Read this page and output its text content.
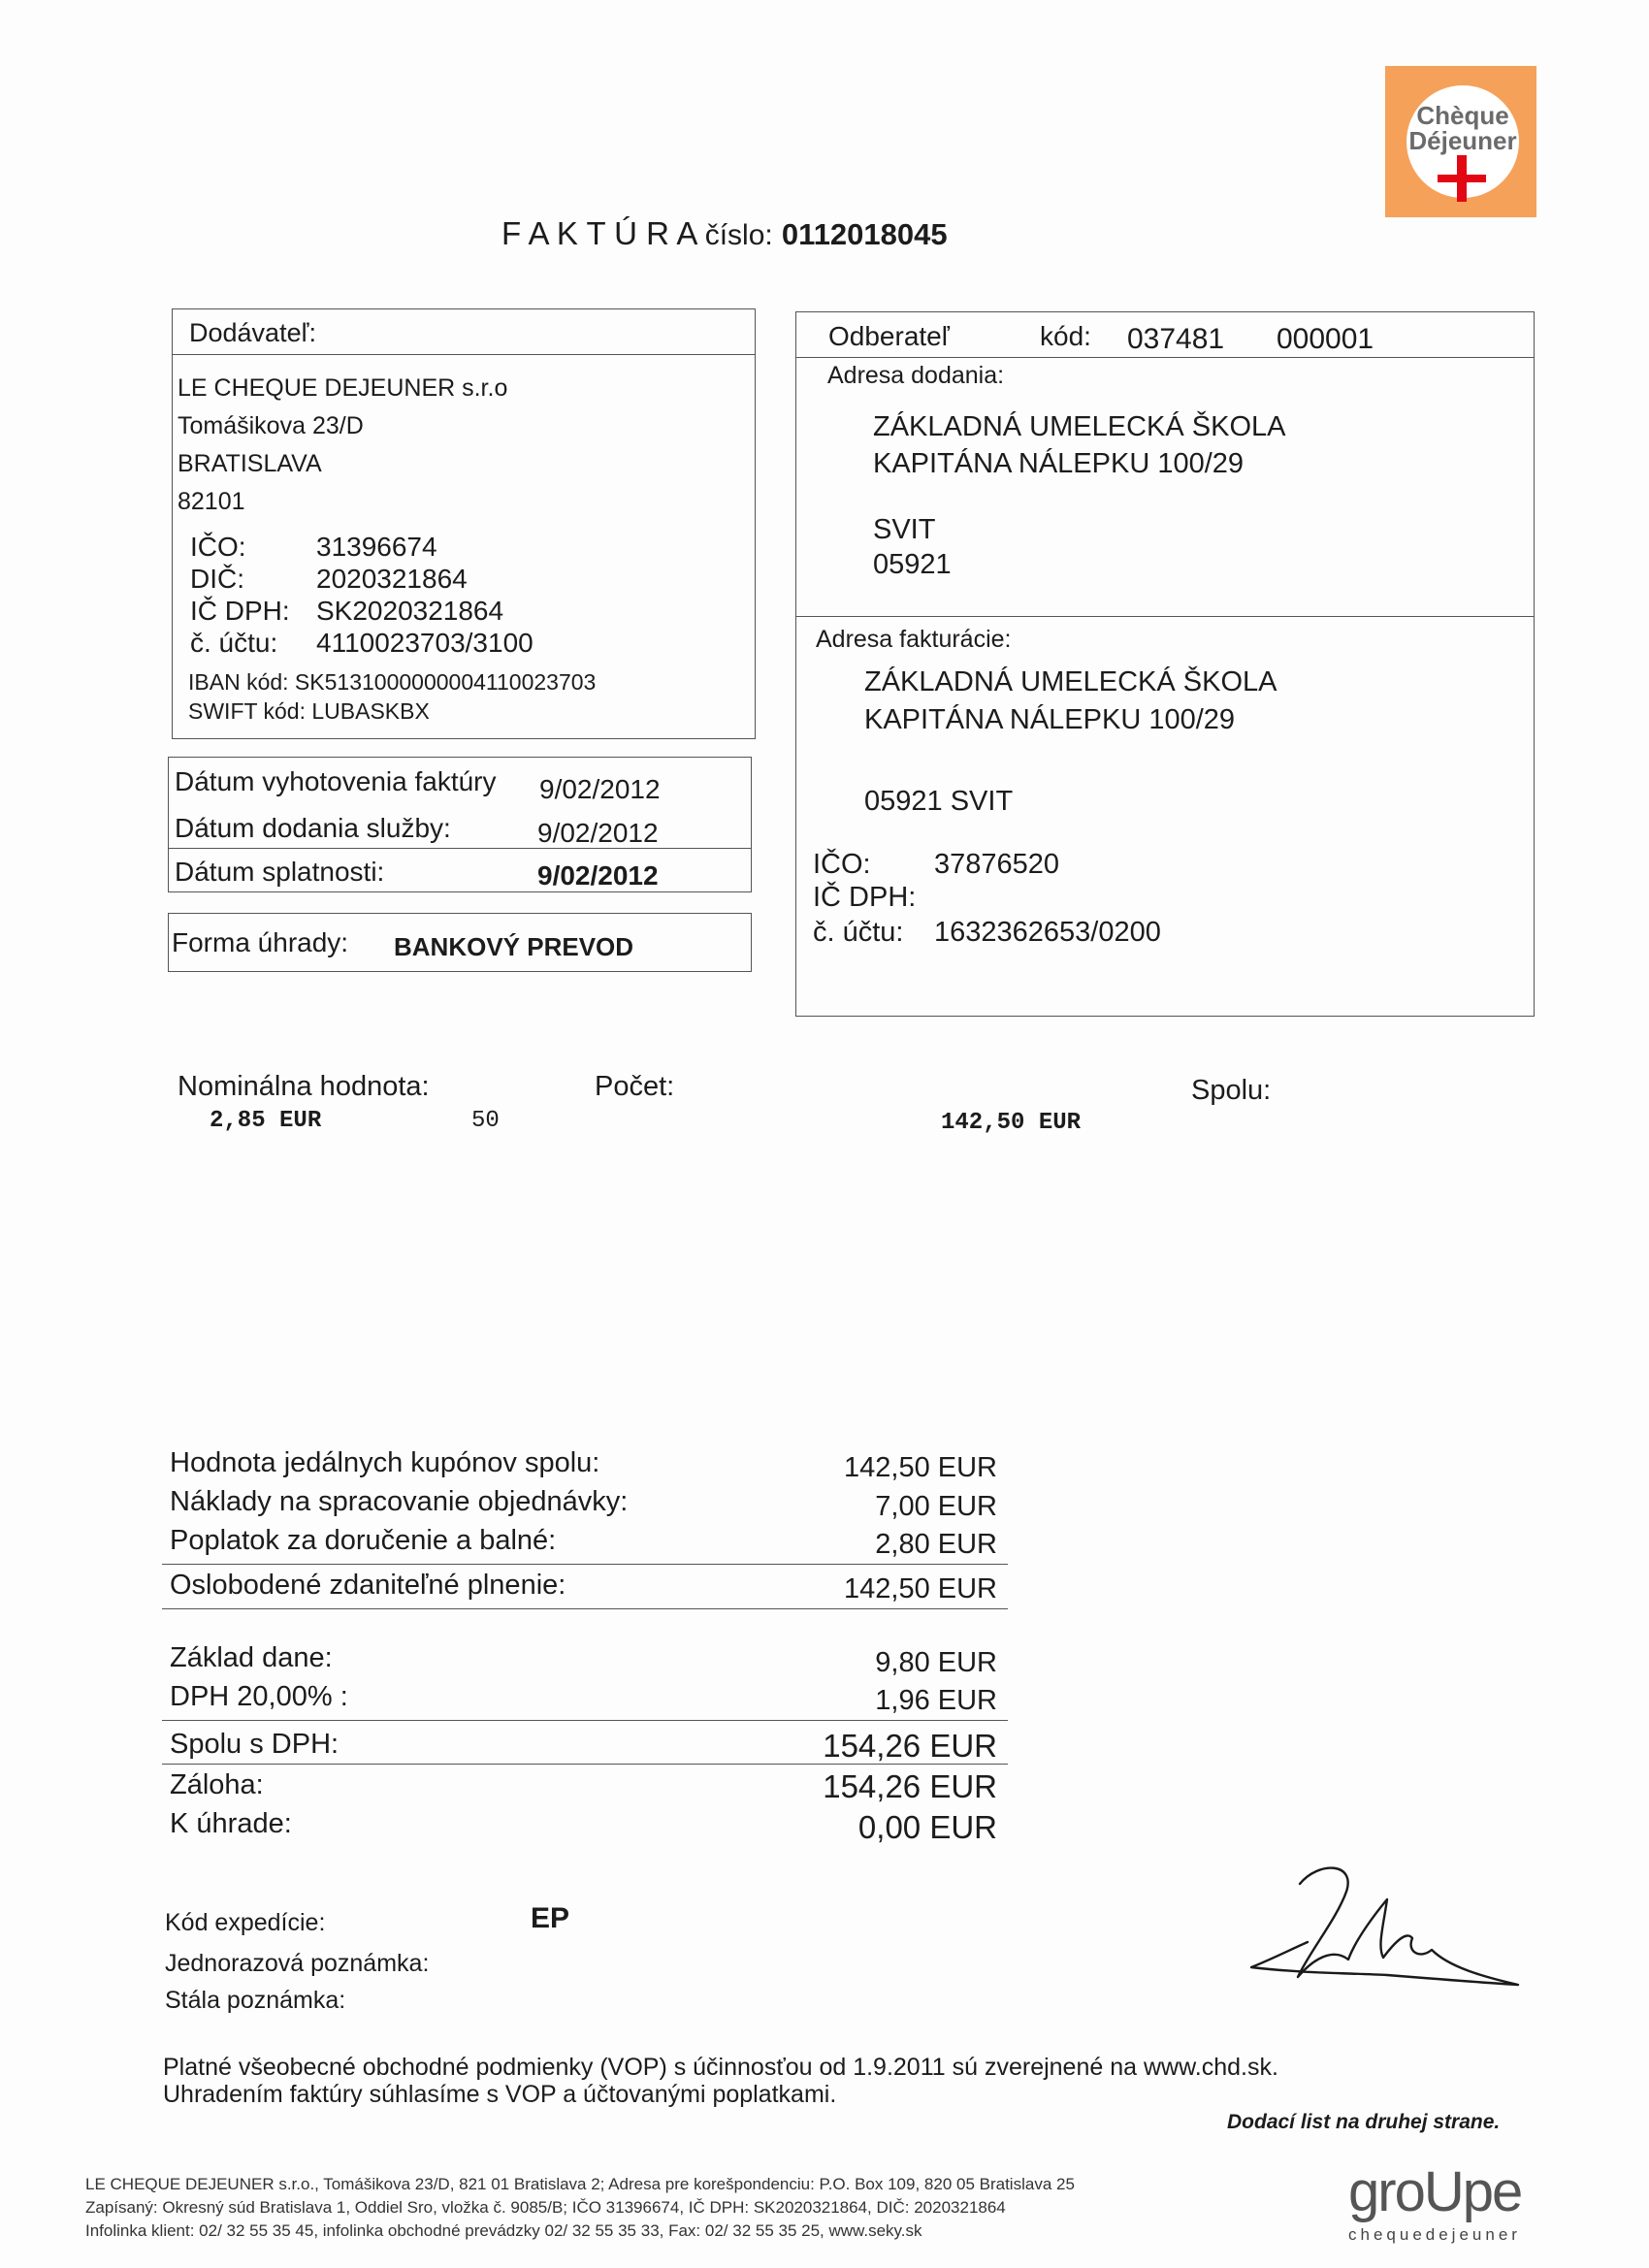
Chèque
Déjeuner
F A K T Ú R A číslo: 0112018045
Dodávateľ:
LE CHEQUE DEJEUNER s.r.o
Tomášikova 23/D
BRATISLAVA
82101
IČO:	31396674
DIČ:	2020321864
IČ DPH: SK2020321864
č. účtu: 4110023703/3100
IBAN kód: SK5131000000004110023703
SWIFT kód: LUBASKBX
Dátum vyhotovenia faktúry 9/02/2012
Dátum dodania služby:	9/02/2012
Dátum splatnosti:	9/02/2012
Forma úhrady: BANKOVÝ PREVOD
Odberateľ	kód: 037481 000001
Adresa dodania:
ZÁKLADNÁ UMELECKÁ ŠKOLA
KAPITÁNA NÁLEPKU 100/29
SVIT
05921
Adresa fakturácie:
ZÁKLADNÁ UMELECKÁ ŠKOLA
KAPITÁNA NÁLEPKU 100/29
05921 SVIT
IČO: 37876520
IČ DPH:
č. účtu: 1632362653/0200
Nominálna hodnota:	Počet:	Spolu:
2,85 EUR	50	142,50 EUR
Hodnota jedálnych kupónov spolu:	142,50 EUR
Náklady na spracovanie objednávky:	7,00 EUR
Poplatok za doručenie a balné:	2,80 EUR
Oslobodené zdaniteľné plnenie:	142,50 EUR
Základ dane:	9,80 EUR
DPH 20,00% :	1,96 EUR
Spolu s DPH:	154,26 EUR
Záloha:	154,26 EUR
K úhrade:	0,00 EUR
Kód expedície:	EP
Jednorazová poznámka:
Stála poznámka:
Platné všeobecné obchodné podmienky (VOP) s účinnosťou od 1.9.2011 sú zverejnené na www.chd.sk.
Uhradením faktúry súhlasíme s VOP a účtovanými poplatkami.
Dodací list na druhej strane.
LE CHEQUE DEJEUNER s.r.o., Tomášikova 23/D, 821 01 Bratislava 2; Adresa pre korešpondenciu: P.O. Box 109, 820 05 Bratislava 25
Zapísaný: Okresný súd Bratislava 1, Oddiel Sro, vložka č. 9085/B; IČO 31396674, IČ DPH: SK2020321864, DIČ: 2020321864
Infolinka klient: 02/ 32 55 35 45, infolinka obchodné prevádzky 02/ 32 55 35 33, Fax: 02/ 32 55 35 25, www.seky.sk
groUpe
chequedejeuner
